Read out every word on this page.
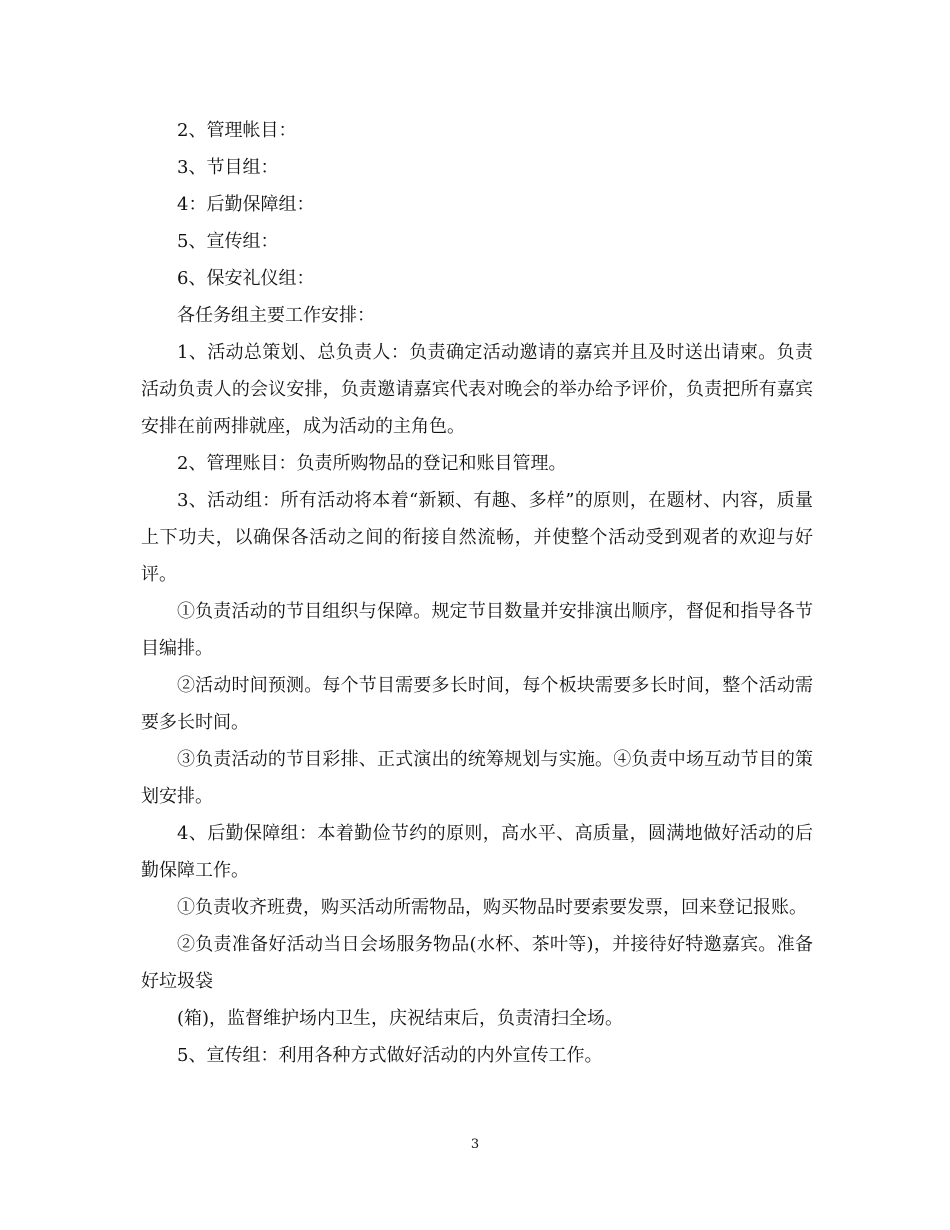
2、管理帐目：

3、节目组：

4：后勤保障组：

5、宣传组：

6、保安礼仪组：

各任务组主要工作安排：

1、活动总策划、总负责人：负责确定活动邀请的嘉宾并且及时送出请柬。负责活动负责人的会议安排，负责邀请嘉宾代表对晚会的举办给予评价，负责把所有嘉宾安排在前两排就座，成为活动的主角色。

2、管理账目：负责所购物品的登记和账目管理。

3、活动组：所有活动将本着“新颖、有趣、多样”的原则，在题材、内容，质量上下功夫，以确保各活动之间的衔接自然流畅，并使整个活动受到观者的欢迎与好评。

①负责活动的节目组织与保障。规定节目数量并安排演出顺序，督促和指导各节目编排。

②活动时间预测。每个节目需要多长时间，每个板块需要多长时间，整个活动需要多长时间。

③负责活动的节目彩排、正式演出的统筹规划与实施。④负责中场互动节目的策划安排。

4、后勤保障组：本着勤俭节约的原则，高水平、高质量，圆满地做好活动的后勤保障工作。

①负责收齐班费，购买活动所需物品，购买物品时要索要发票，回来登记报账。

②负责准备好活动当日会场服务物品(水杯、茶叶等)，并接待好特邀嘉宾。准备好垃圾袋

(箱)，监督维护场内卫生，庆祝结束后，负责清扫全场。

5、宣传组：利用各种方式做好活动的内外宣传工作。

3
